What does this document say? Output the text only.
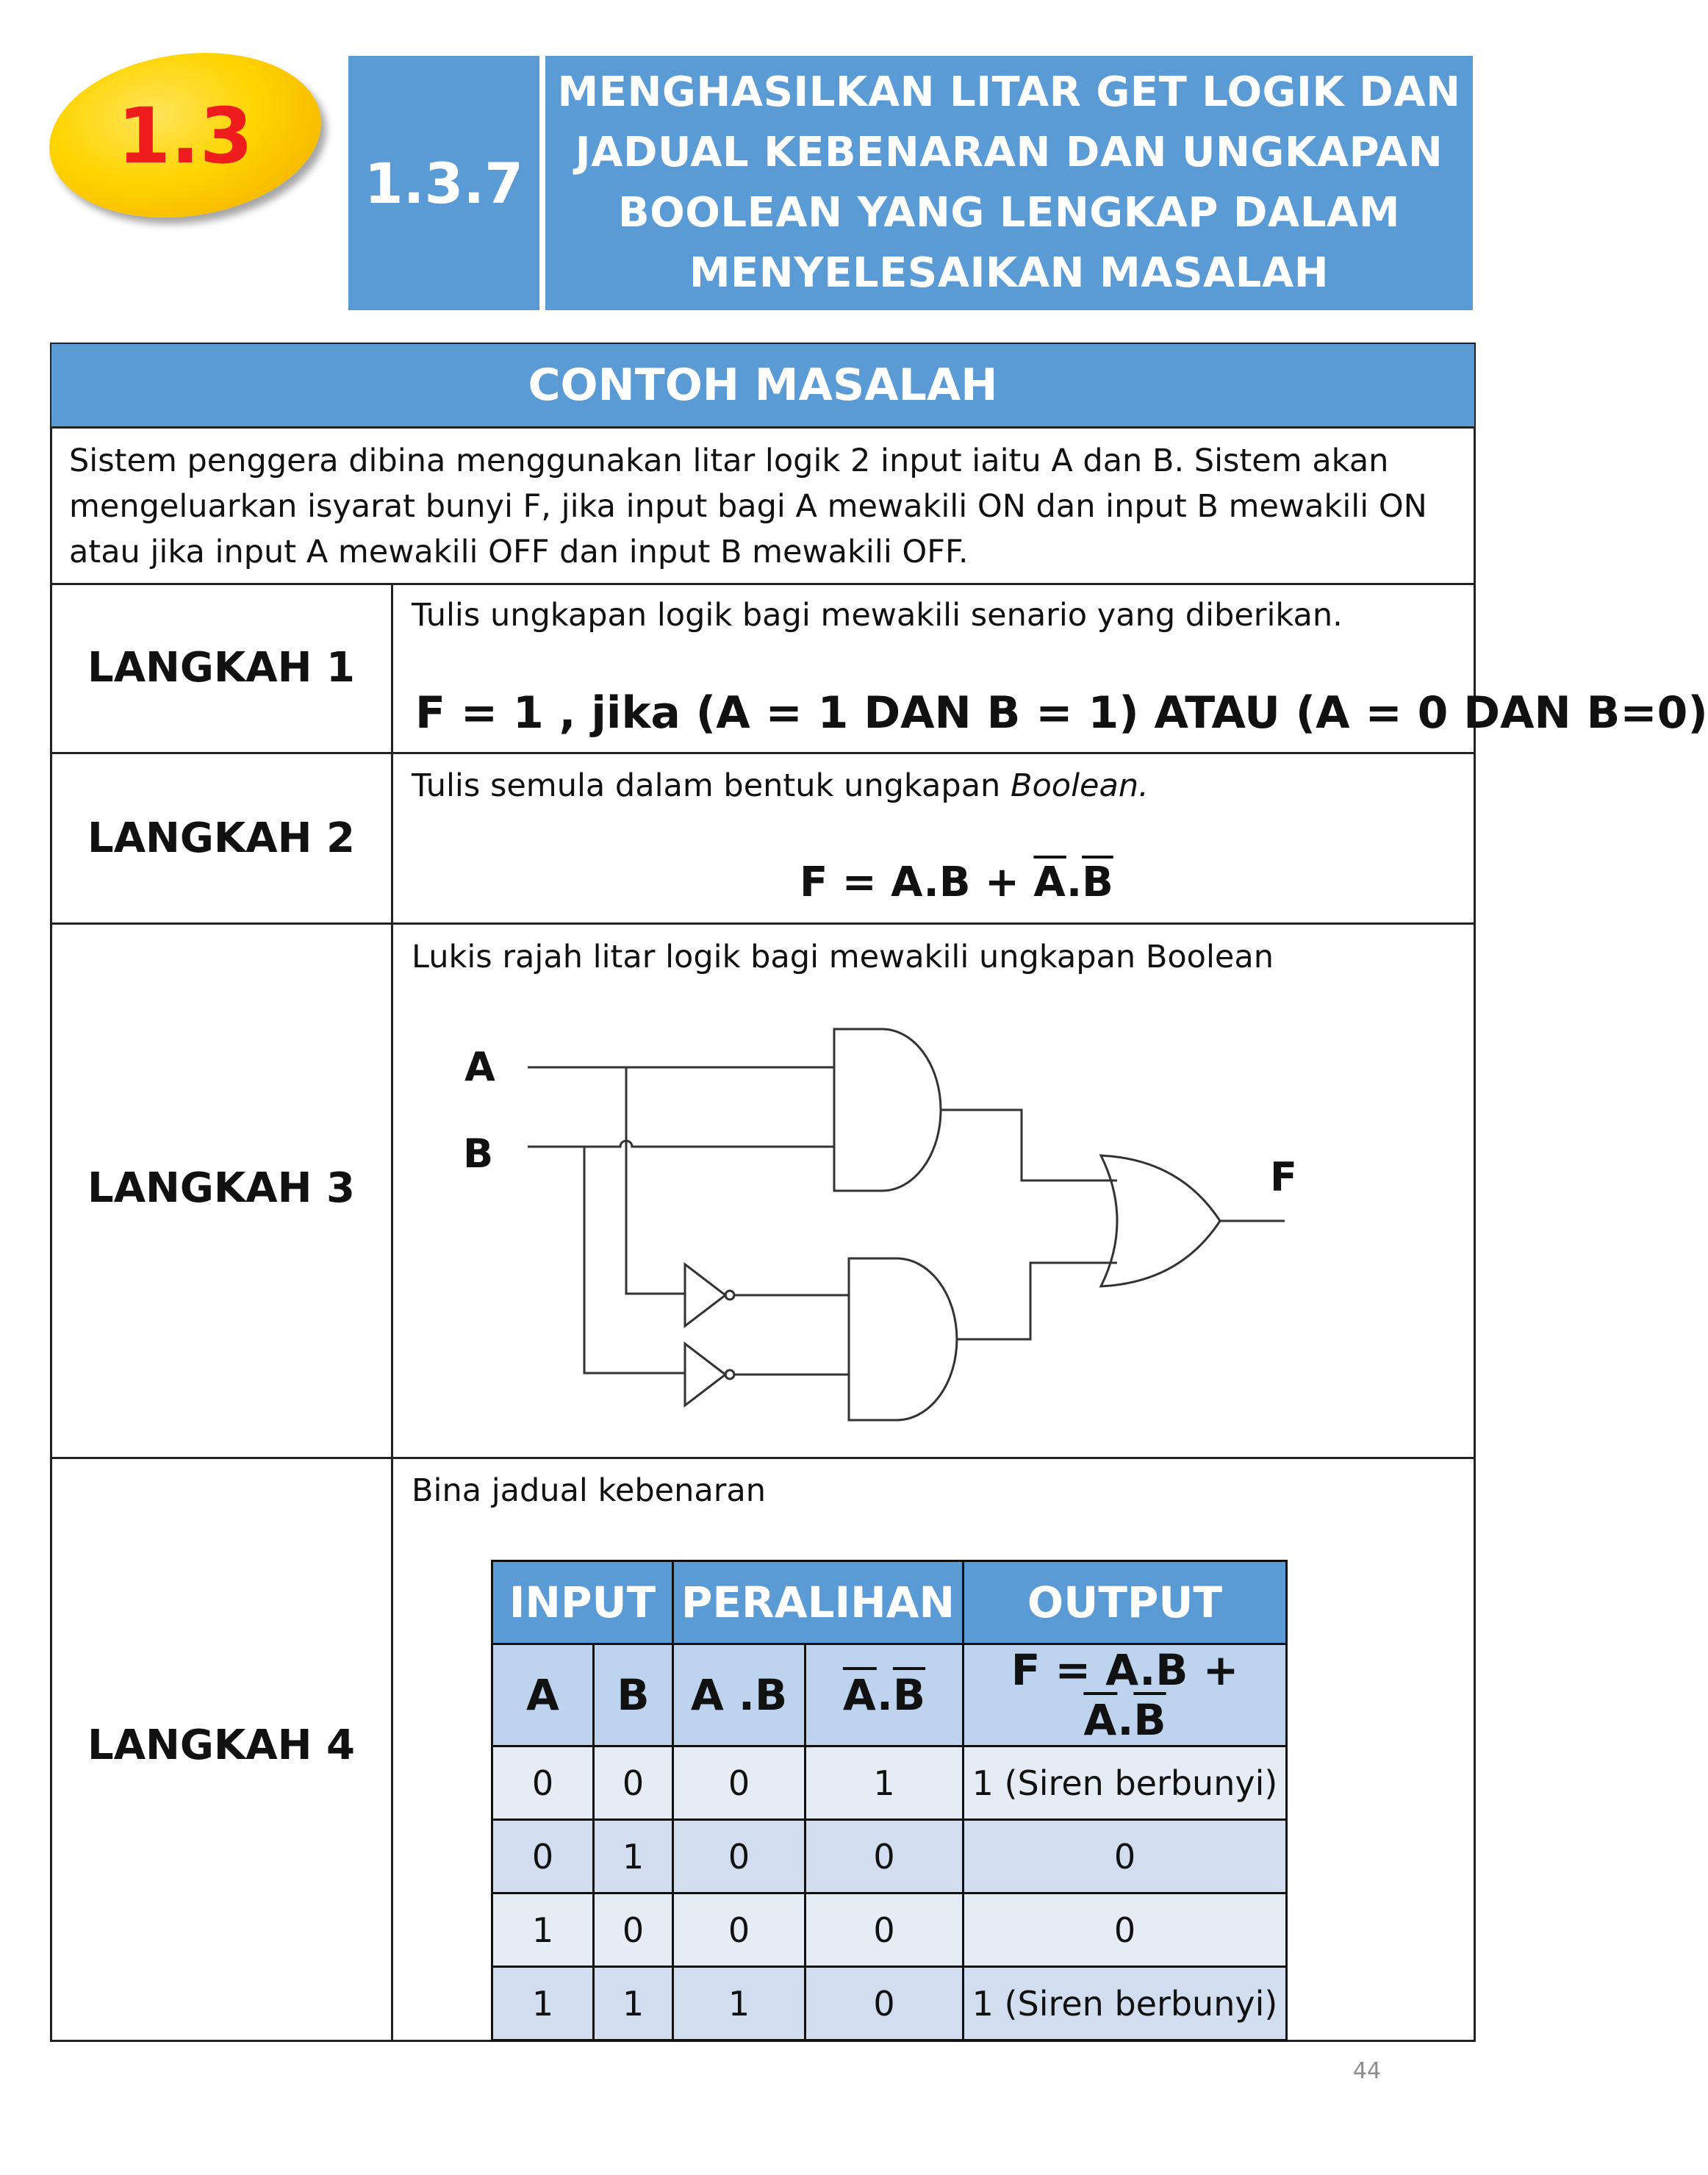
1.3
1.3.7
MENGHASILKAN LITAR GET LOGIK DAN
JADUAL KEBENARAN DAN UNGKAPAN
BOOLEAN YANG LENGKAP DALAM
MENYELESAIKAN MASALAH
CONTOH MASALAH
Sistem penggera dibina menggunakan litar logik 2 input iaitu A dan B. Sistem akan mengeluarkan isyarat bunyi F, jika input bagi A mewakili ON dan input B mewakili ON atau jika input A mewakili OFF dan input B mewakili OFF.
LANGKAH 1
Tulis ungkapan logik bagi mewakili senario yang diberikan.
F = 1 , jika (A = 1 DAN B = 1) ATAU (A = 0 DAN B=0)
LANGKAH 2
Tulis semula dalam bentuk ungkapan Boolean.
$F = A.B + \overline{A}.\overline{B}$
LANGKAH 3
Lukis rajah litar logik bagi mewakili ungkapan Boolean
A
B
F
LANGKAH 4
Bina jadual kebenaran
INPUT		PERALIHAN		OUTPUT
A	B	A .B	$\overline{A}.\overline{B}$	$F = A.B + \overline{A}.\overline{B}$
0	0	0	1	1 (Siren berbunyi)
0	1	0	0	0
1	0	0	0	0
1	1	1	0	1 (Siren berbunyi)
44
